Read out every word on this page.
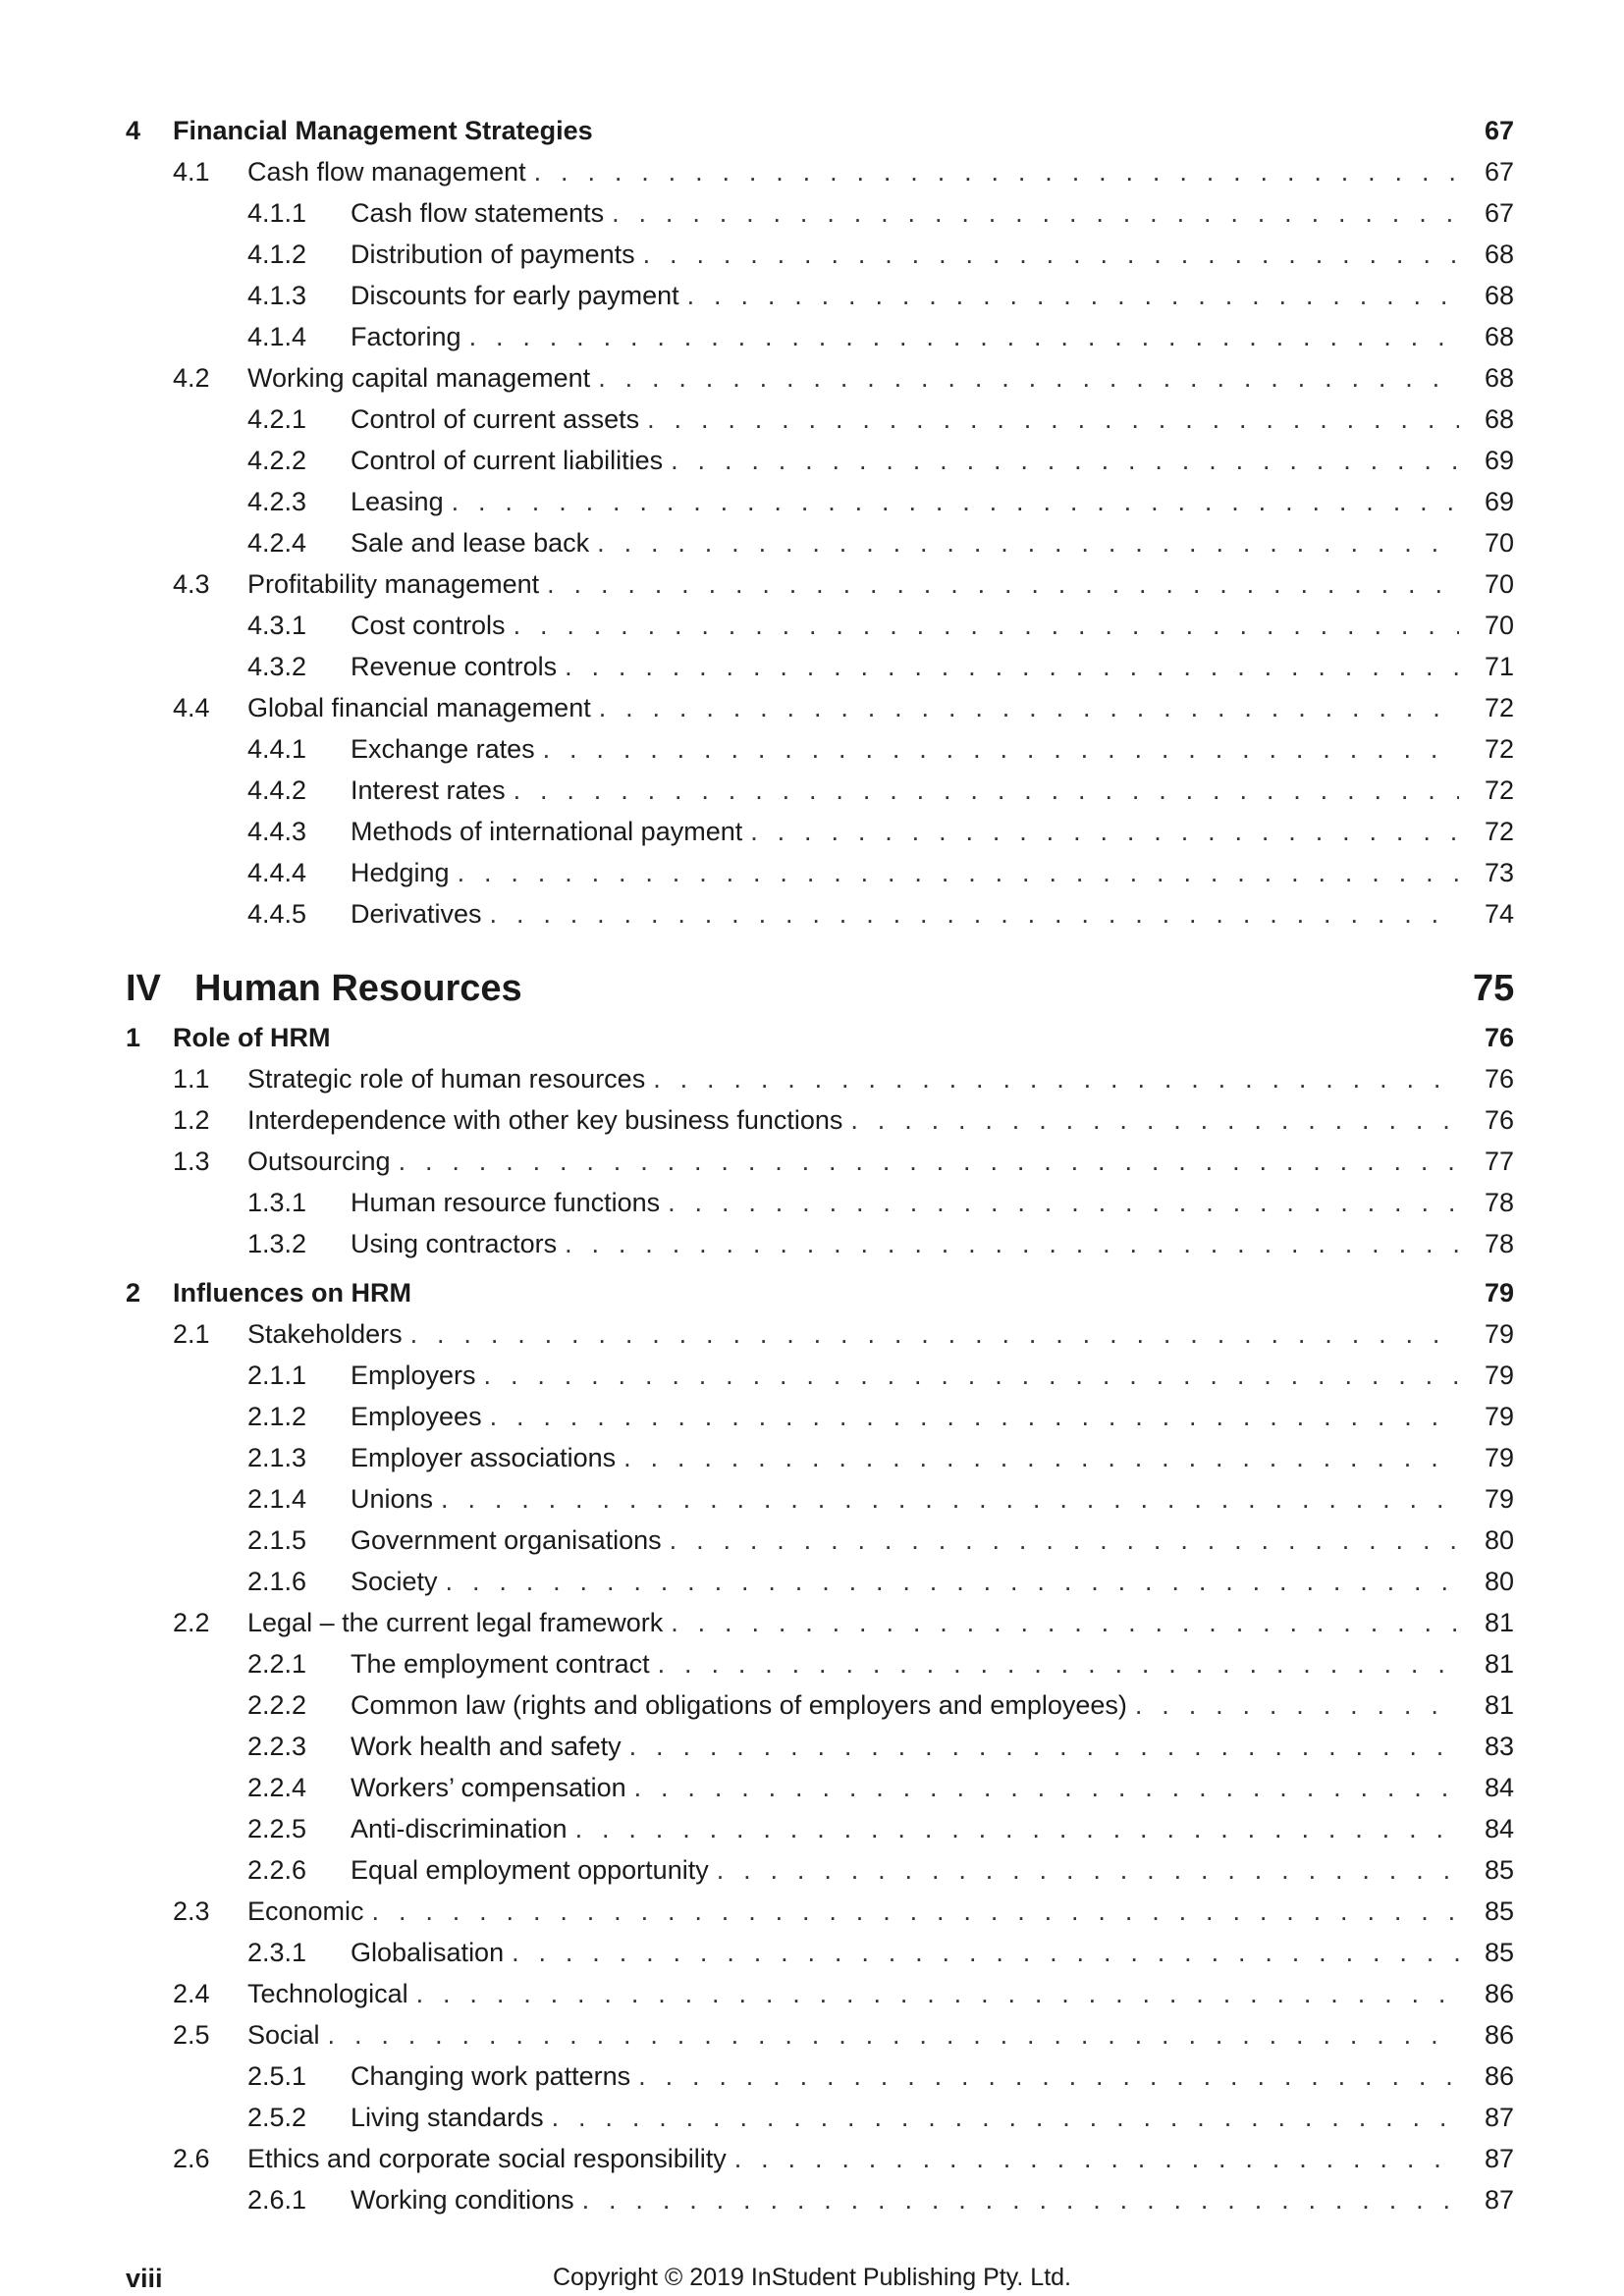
4 Financial Management Strategies	67
4.1 Cash flow management . . .	67
4.1.1 Cash flow statements . . .	67
4.1.2 Distribution of payments . . .	68
4.1.3 Discounts for early payment . . .	68
4.1.4 Factoring . . .	68
4.2 Working capital management . . .	68
4.2.1 Control of current assets . . .	68
4.2.2 Control of current liabilities . . .	69
4.2.3 Leasing . . .	69
4.2.4 Sale and lease back . . .	70
4.3 Profitability management . . .	70
4.3.1 Cost controls . . .	70
4.3.2 Revenue controls . . .	71
4.4 Global financial management . . .	72
4.4.1 Exchange rates . . .	72
4.4.2 Interest rates . . .	72
4.4.3 Methods of international payment . . .	72
4.4.4 Hedging . . .	73
4.4.5 Derivatives . . .	74
IV Human Resources	75
1 Role of HRM	76
1.1 Strategic role of human resources . . .	76
1.2 Interdependence with other key business functions . . .	76
1.3 Outsourcing . . .	77
1.3.1 Human resource functions . . .	78
1.3.2 Using contractors . . .	78
2 Influences on HRM	79
2.1 Stakeholders . . .	79
2.1.1 Employers . . .	79
2.1.2 Employees . . .	79
2.1.3 Employer associations . . .	79
2.1.4 Unions . . .	79
2.1.5 Government organisations . . .	80
2.1.6 Society . . .	80
2.2 Legal – the current legal framework . . .	81
2.2.1 The employment contract . . .	81
2.2.2 Common law (rights and obligations of employers and employees) . . .	81
2.2.3 Work health and safety . . .	83
2.2.4 Workers’ compensation . . .	84
2.2.5 Anti-discrimination . . .	84
2.2.6 Equal employment opportunity . . .	85
2.3 Economic . . .	85
2.3.1 Globalisation . . .	85
2.4 Technological . . .	86
2.5 Social . . .	86
2.5.1 Changing work patterns . . .	86
2.5.2 Living standards . . .	87
2.6 Ethics and corporate social responsibility . . .	87
2.6.1 Working conditions . . .	87
viii	Copyright © 2019 InStudent Publishing Pty. Ltd.
